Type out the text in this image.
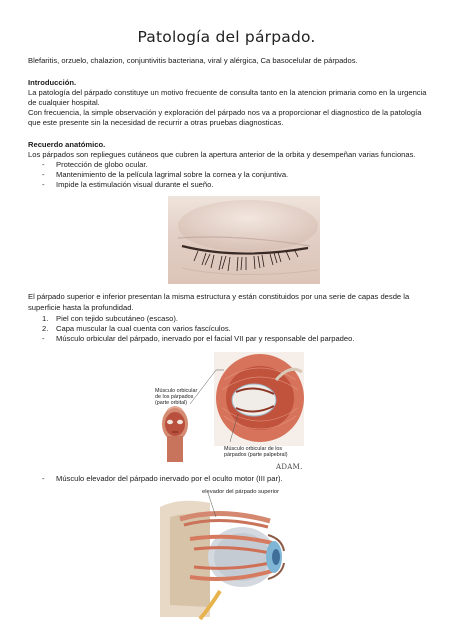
Patología del párpado.
Blefaritis, orzuelo, chalazion, conjuntivitis bacteriana, viral y alérgica, Ca basocelular de párpados.
Introducción.
La patología del párpado constituye un motivo frecuente de consulta tanto en la atencion primaria como en la urgencia
de cualquier hospital.
Con frecuencia, la simple observación y exploración del párpado nos va a proporcionar el diagnostico de la patología
que este presente sin la necesidad de recurrir a otras pruebas diagnosticas.
Recuerdo anatómico.
Los párpados son repliegues cutáneos que cubren la apertura anterior de la orbita y desempeñan varias funcionas.
- Protección de globo ocular.
- Mantenimiento de la película lagrimal sobre la cornea y la conjuntiva.
- Impide la estimulación visual durante el sueño.
El párpado superior e inferior presentan la misma estructura y están constituidos por una serie de capas desde la
superficie hasta la profundidad.
1. Piel con tejido subcutáneo (escaso).
2. Capa muscular la cual cuenta con varios fascículos.
- Músculo orbicular del párpado, inervado por el facial VII par y responsable del parpadeo.
Músculo orbicular
de los párpados
(parte orbital)
Músculo orbicular de los
párpados (parte palpebral)
ADAM.
- Músculo elevador del párpado inervado por el oculto motor (III par).
elevador del párpado superior
